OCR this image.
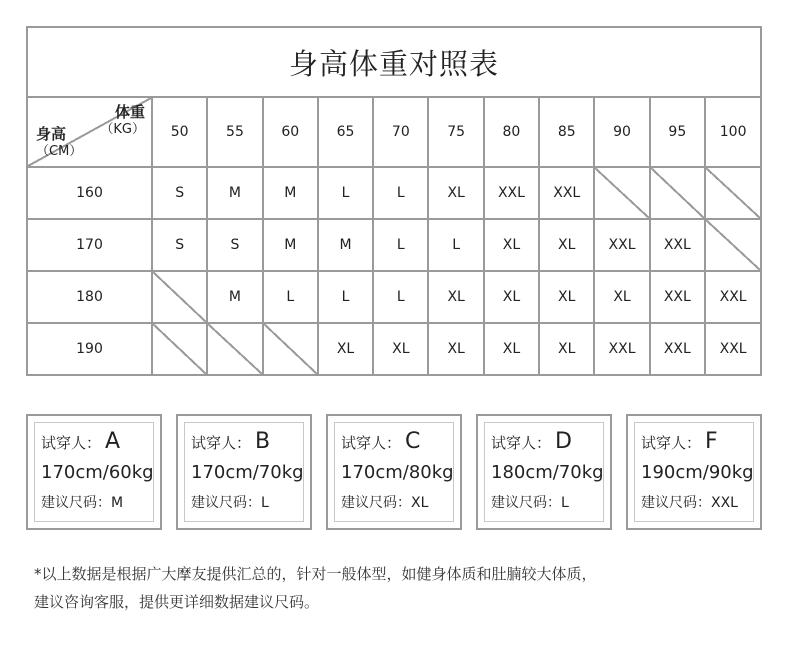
身高体重对照表
体重
（KG）
身高
（CM）	50	55	60	65	70	75	80	85	90	95	100
160	S	M	M	L	L	XL	XXL	XXL			
170	S	S	M	M	L	L	XL	XL	XXL	XXL	
180		M	L	L	L	XL	XL	XL	XL	XXL	XXL
190				XL	XL	XL	XL	XL	XXL	XXL	XXL
试穿人： A
170cm/60kg
建议尺码：M
试穿人： B
170cm/70kg
建议尺码：L
试穿人： C
170cm/80kg
建议尺码：XL
试穿人： D
180cm/70kg
建议尺码：L
试穿人： F
190cm/90kg
建议尺码：XXL
*以上数据是根据广大摩友提供汇总的，针对一般体型，如健身体质和肚腩较大体质，
建议咨询客服，提供更详细数据建议尺码。
